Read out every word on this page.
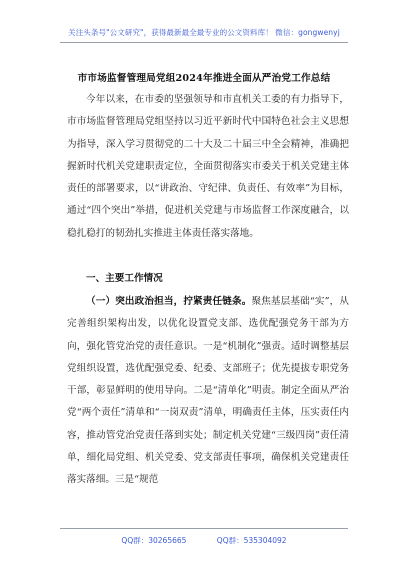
关注头条号"公文研究"，获得最新最全最专业的公文资料库！ 微信：gongwenyj
市市场监督管理局党组2024年推进全面从严治党工作总结

今年以来，在市委的坚强领导和市直机关工委的有力指导下，市市场监督管理局党组坚持以习近平新时代中国特色社会主义思想为指导，深入学习贯彻党的二十大及二十届三中全会精神，准确把握新时代机关党建职责定位，全面贯彻落实市委关于机关党建主体责任的部署要求，以“讲政治、守纪律、负责任、有效率”为目标，通过“四个突出”举措，促进机关党建与市场监督工作深度融合，以稳扎稳打的韧劲扎实推进主体责任落实落地。

一、主要工作情况

（一）突出政治担当，拧紧责任链条。聚焦基层基础“实”，从完善组织架构出发，以优化设置党支部、选优配强党务干部为方向，强化管党治党的责任意识。一是“机制化”强责。适时调整基层党组织设置，选优配强党委、纪委、支部班子；优先提拔专职党务干部，彰显鲜明的使用导向。二是“清单化”明责。制定全面从严治党“两个责任”清单和“一岗双责”清单，明确责任主体，压实责任内容，推动管党治党责任落到实处；制定机关党建“三级四岗”责任清单，细化局党组、机关党委、党支部责任事项，确保机关党建责任落实落细。三是“规范

QQ群：30265665	QQ群：535304092
